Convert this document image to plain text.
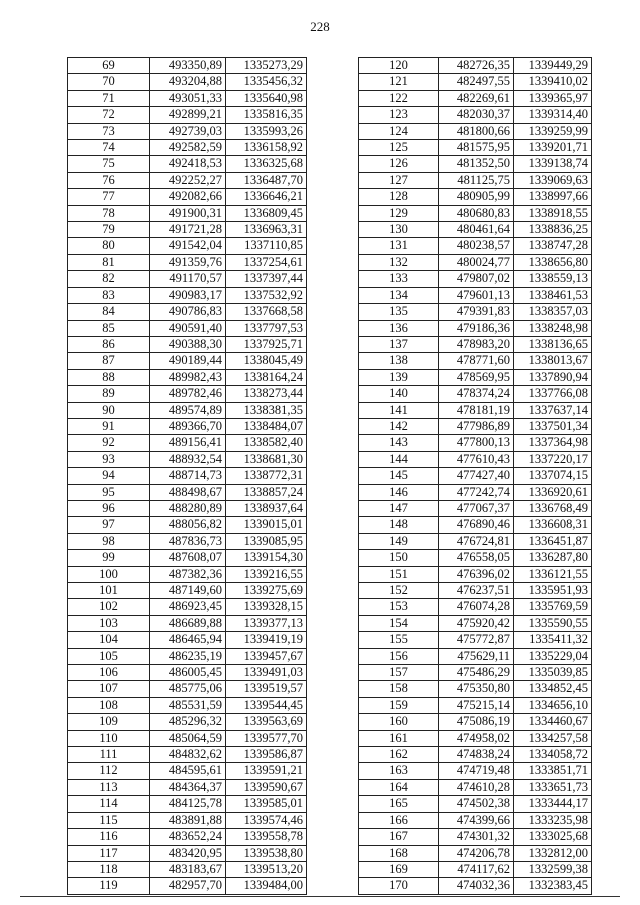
228
69	493350,89	1335273,29
70	493204,88	1335456,32
71	493051,33	1335640,98
72	492899,21	1335816,35
73	492739,03	1335993,26
74	492582,59	1336158,92
75	492418,53	1336325,68
76	492252,27	1336487,70
77	492082,66	1336646,21
78	491900,31	1336809,45
79	491721,28	1336963,31
80	491542,04	1337110,85
81	491359,76	1337254,61
82	491170,57	1337397,44
83	490983,17	1337532,92
84	490786,83	1337668,58
85	490591,40	1337797,53
86	490388,30	1337925,71
87	490189,44	1338045,49
88	489982,43	1338164,24
89	489782,46	1338273,44
90	489574,89	1338381,35
91	489366,70	1338484,07
92	489156,41	1338582,40
93	488932,54	1338681,30
94	488714,73	1338772,31
95	488498,67	1338857,24
96	488280,89	1338937,64
97	488056,82	1339015,01
98	487836,73	1339085,95
99	487608,07	1339154,30
100	487382,36	1339216,55
101	487149,60	1339275,69
102	486923,45	1339328,15
103	486689,88	1339377,13
104	486465,94	1339419,19
105	486235,19	1339457,67
106	486005,45	1339491,03
107	485775,06	1339519,57
108	485531,59	1339544,45
109	485296,32	1339563,69
110	485064,59	1339577,70
111	484832,62	1339586,87
112	484595,61	1339591,21
113	484364,37	1339590,67
114	484125,78	1339585,01
115	483891,88	1339574,46
116	483652,24	1339558,78
117	483420,95	1339538,80
118	483183,67	1339513,20
119	482957,70	1339484,00
120	482726,35	1339449,29
121	482497,55	1339410,02
122	482269,61	1339365,97
123	482030,37	1339314,40
124	481800,66	1339259,99
125	481575,95	1339201,71
126	481352,50	1339138,74
127	481125,75	1339069,63
128	480905,99	1338997,66
129	480680,83	1338918,55
130	480461,64	1338836,25
131	480238,57	1338747,28
132	480024,77	1338656,80
133	479807,02	1338559,13
134	479601,13	1338461,53
135	479391,83	1338357,03
136	479186,36	1338248,98
137	478983,20	1338136,65
138	478771,60	1338013,67
139	478569,95	1337890,94
140	478374,24	1337766,08
141	478181,19	1337637,14
142	477986,89	1337501,34
143	477800,13	1337364,98
144	477610,43	1337220,17
145	477427,40	1337074,15
146	477242,74	1336920,61
147	477067,37	1336768,49
148	476890,46	1336608,31
149	476724,81	1336451,87
150	476558,05	1336287,80
151	476396,02	1336121,55
152	476237,51	1335951,93
153	476074,28	1335769,59
154	475920,42	1335590,55
155	475772,87	1335411,32
156	475629,11	1335229,04
157	475486,29	1335039,85
158	475350,80	1334852,45
159	475215,14	1334656,10
160	475086,19	1334460,67
161	474958,02	1334257,58
162	474838,24	1334058,72
163	474719,48	1333851,71
164	474610,28	1333651,73
165	474502,38	1333444,17
166	474399,66	1333235,98
167	474301,32	1333025,68
168	474206,78	1332812,00
169	474117,62	1332599,38
170	474032,36	1332383,45
